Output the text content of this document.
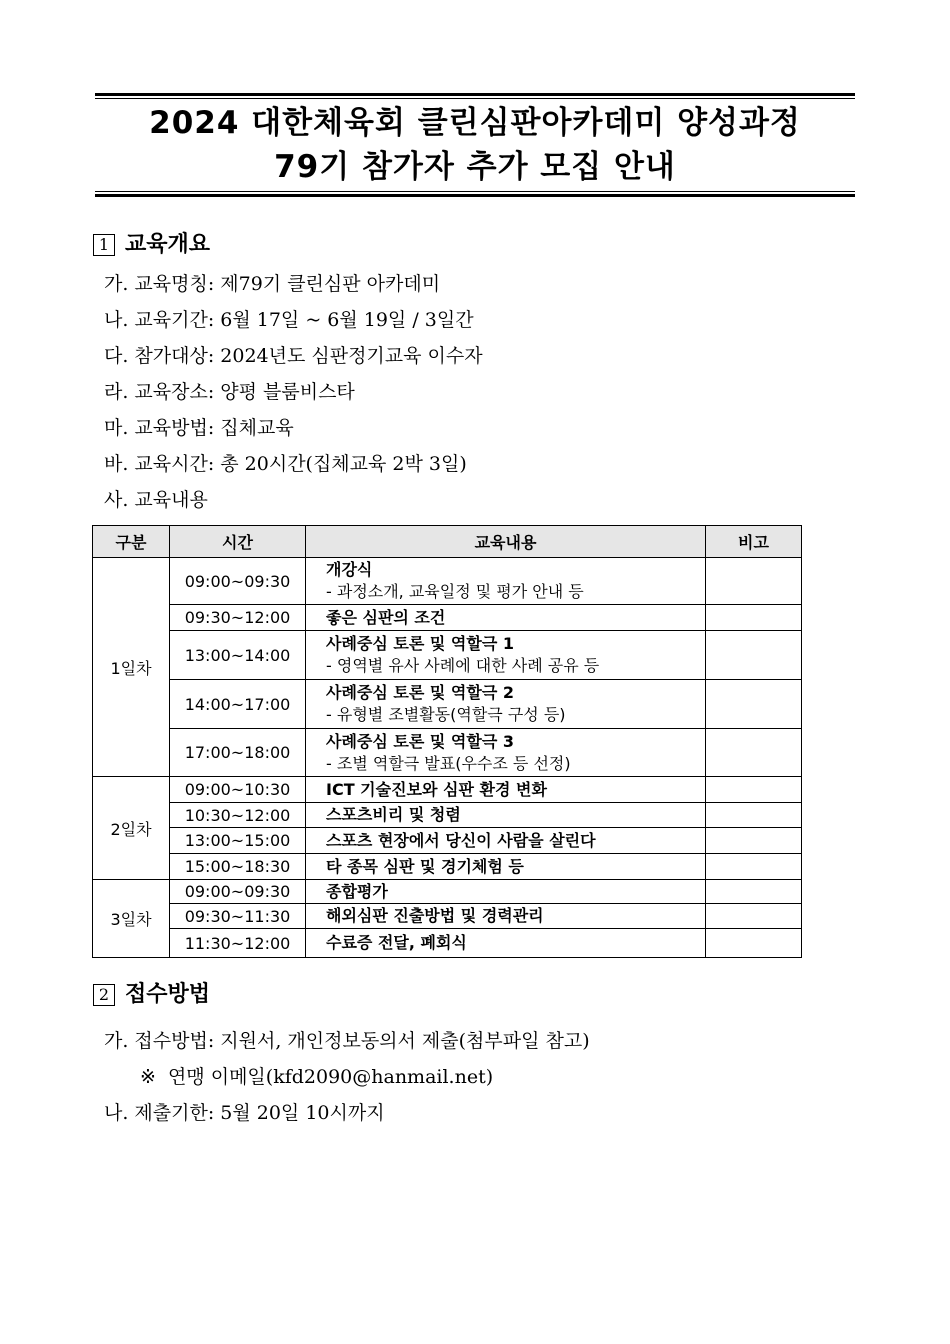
2024 대한체육회 클린심판아카데미 양성과정
79기 참가자 추가 모집 안내
1 교육개요
가. 교육명칭: 제79기 클린심판 아카데미
나. 교육기간: 6월 17일 ~ 6월 19일 / 3일간
다. 참가대상: 2024년도 심판정기교육 이수자
라. 교육장소: 양평 블룸비스타
마. 교육방법: 집체교육
바. 교육시간: 총 20시간(집체교육 2박 3일)
사. 교육내용
구분	시간	교육내용	비고
1일차	09:00~09:30	개강식
- 과정소개, 교육일정 및 평가 안내 등	

	09:30~12:00	좋은 심판의 조건	

	13:00~14:00	사례중심 토론 및 역할극 1
- 영역별 유사 사례에 대한 사례 공유 등	

	14:00~17:00	사례중심 토론 및 역할극 2
- 유형별 조별활동(역할극 구성 등)	

	17:00~18:00	사례중심 토론 및 역할극 3
- 조별 역할극 발표(우수조 등 선정)	

2일차	09:00~10:30	ICT 기술진보와 심판 환경 변화	

	10:30~12:00	스포츠비리 및 청렴	

	13:00~15:00	스포츠 현장에서 당신이 사람을 살린다	

	15:00~18:30	타 종목 심판 및 경기체험 등	

3일차	09:00~09:30	종합평가	

	09:30~11:30	해외심판 진출방법 및 경력관리	

	11:30~12:00	수료증 전달, 폐회식	

2 접수방법
가. 접수방법: 지원서, 개인정보동의서 제출(첨부파일 참고)
※ 연맹 이메일(kfd2090@hanmail.net)
나. 제출기한: 5월 20일 10시까지
